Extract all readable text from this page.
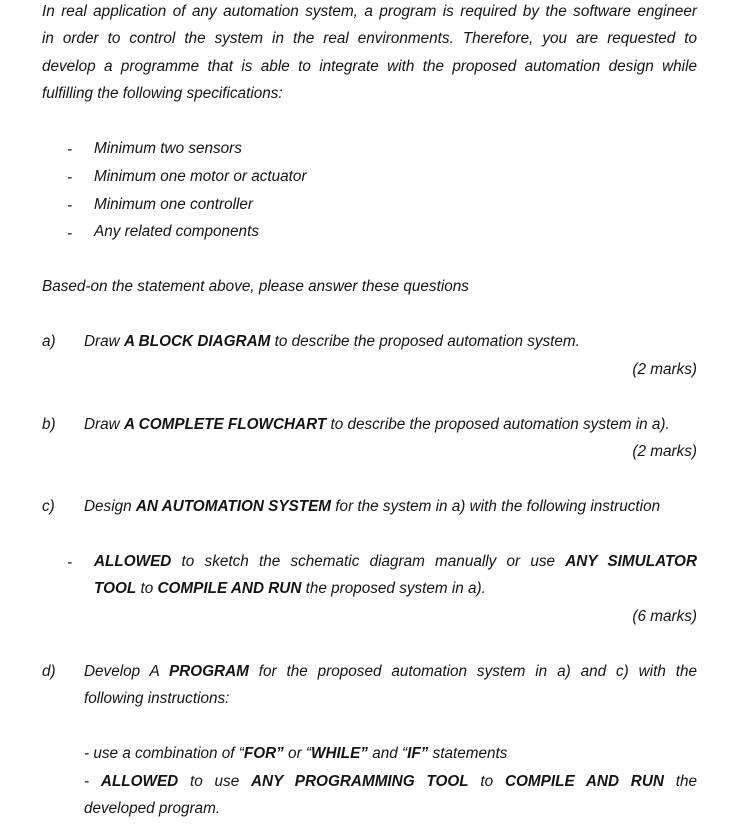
In real application of any automation system, a program is required by the software engineer
in order to control the system in the real environments. Therefore, you are requested to
develop a programme that is able to integrate with the proposed automation design while
fulfilling the following specifications:
- Minimum two sensors
- Minimum one motor or actuator
- Minimum one controller
- Any related components
Based-on the statement above, please answer these questions
a) Draw A BLOCK DIAGRAM to describe the proposed automation system.
(2 marks)
b) Draw A COMPLETE FLOWCHART to describe the proposed automation system in a).
(2 marks)
c) Design AN AUTOMATION SYSTEM for the system in a) with the following instruction
- ALLOWED to sketch the schematic diagram manually or use ANY SIMULATOR
TOOL to COMPILE AND RUN the proposed system in a).
(6 marks)
d) Develop A PROGRAM for the proposed automation system in a) and c) with the
following instructions:
- use a combination of “FOR” or “WHILE” and “IF” statements
- ALLOWED to use ANY PROGRAMMING TOOL to COMPILE AND RUN the
developed program.
